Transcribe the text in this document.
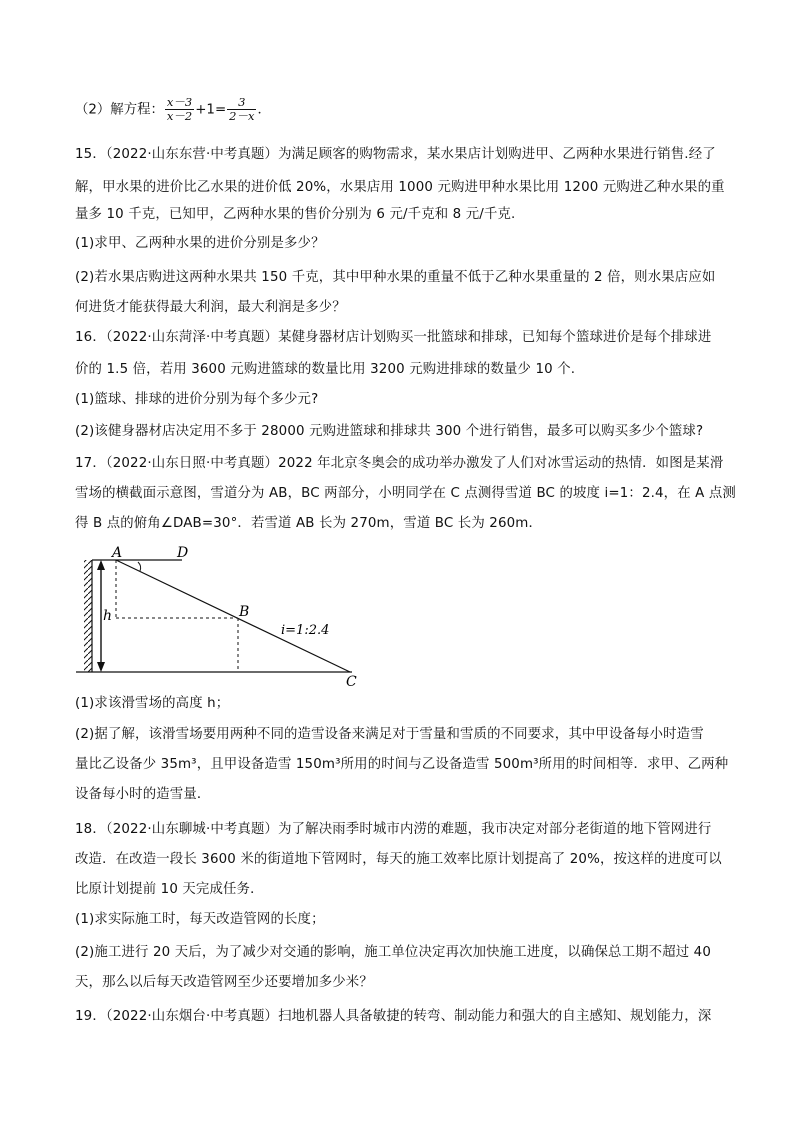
（2）解方程： $\frac{x-3}{x-2} +1= \frac{3}{2-x}$ ．
15．（2022·山东东营·中考真题）为满足顾客的购物需求，某水果店计划购进甲、乙两种水果进行销售.经了
解，甲水果的进价比乙水果的进价低 20%，水果店用 1000 元购进甲种水果比用 1200 元购进乙种水果的重
量多 10 千克，已知甲，乙两种水果的售价分别为 6 元/千克和 8 元/千克.
(1)求甲、乙两种水果的进价分别是多少？
(2)若水果店购进这两种水果共 150 千克，其中甲种水果的重量不低于乙种水果重量的 2 倍，则水果店应如
何进货才能获得最大利润，最大利润是多少？
16．（2022·山东菏泽·中考真题）某健身器材店计划购买一批篮球和排球，已知每个篮球进价是每个排球进
价的 1.5 倍，若用 3600 元购进篮球的数量比用 3200 元购进排球的数量少 10 个.
(1)篮球、排球的进价分别为每个多少元?
(2)该健身器材店决定用不多于 28000 元购进篮球和排球共 300 个进行销售，最多可以购买多少个篮球?
17．（2022·山东日照·中考真题）2022 年北京冬奥会的成功举办激发了人们对冰雪运动的热情．如图是某滑
雪场的横截面示意图，雪道分为 AB，BC 两部分，小明同学在 C 点测得雪道 BC 的坡度 i=1：2.4，在 A 点测
得 B 点的俯角∠DAB=30°．若雪道 AB 长为 270m，雪道 BC 长为 260m．
A	D
h	B
i=1:2.4
C
(1)求该滑雪场的高度 h；
(2)据了解，该滑雪场要用两种不同的造雪设备来满足对于雪量和雪质的不同要求，其中甲设备每小时造雪
量比乙设备少 35m³，且甲设备造雪 150m³所用的时间与乙设备造雪 500m³所用的时间相等．求甲、乙两种
设备每小时的造雪量．
18．（2022·山东聊城·中考真题）为了解决雨季时城市内涝的难题，我市决定对部分老街道的地下管网进行
改造．在改造一段长 3600 米的街道地下管网时，每天的施工效率比原计划提高了 20%，按这样的进度可以
比原计划提前 10 天完成任务．
(1)求实际施工时，每天改造管网的长度；
(2)施工进行 20 天后，为了减少对交通的影响，施工单位决定再次加快施工进度，以确保总工期不超过 40
天，那么以后每天改造管网至少还要增加多少米？
19．（2022·山东烟台·中考真题）扫地机器人具备敏捷的转弯、制动能力和强大的自主感知、规划能力，深
